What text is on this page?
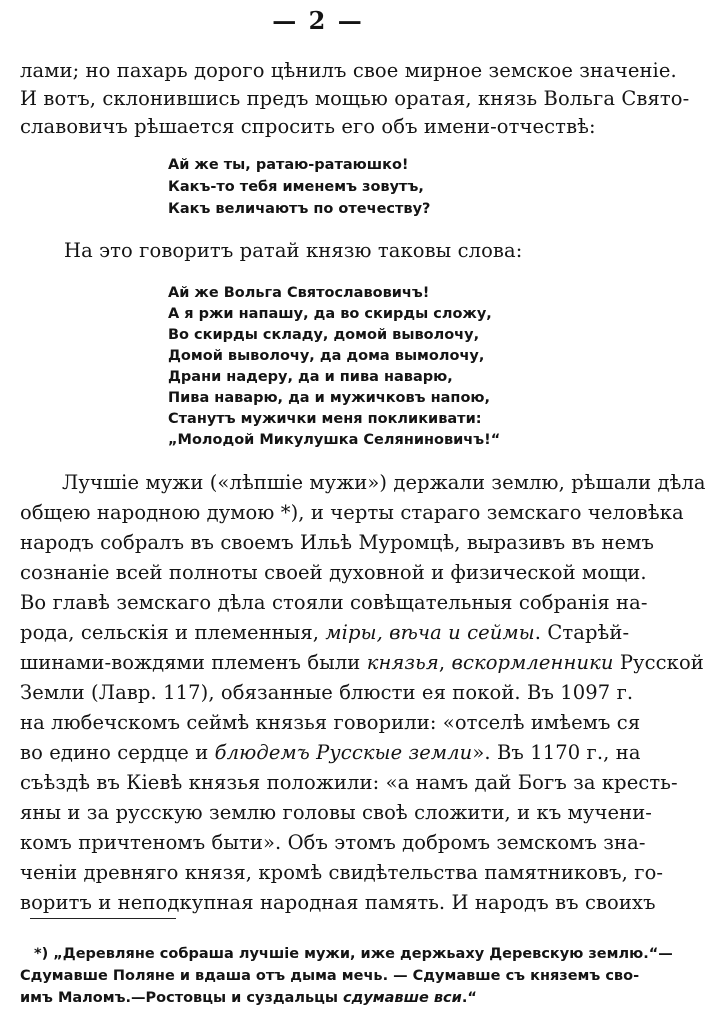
— 2 —
лами; но пахарь дорого цѣнилъ свое мирное земское значеніе.
И вотъ, склонившись предъ мощью оратая, князь Вольга Свято-
славовичъ рѣшается спросить его объ имени-отчествѣ:
Ай же ты, ратаю-ратаюшко!
Какъ-то тебя именемъ зовутъ,
Какъ величаютъ по отечеству?
На это говоритъ ратай князю таковы слова:
Ай же Вольга Святославовичъ!
А я ржи напашу, да во скирды сложу,
Во скирды складу, домой выволочу,
Домой выволочу, да дома вымолочу,
Драни надеру, да и пива наварю,
Пива наварю, да и мужичковъ напою,
Станутъ мужички меня покликивати:
„Молодой Микулушка Селяниновичъ!“
Лучшіе мужи («лѣпшіе мужи») держали землю, рѣшали дѣла
общею народною думою *), и черты стараго земскаго человѣка
народъ собралъ въ своемъ Ильѣ Муромцѣ, выразивъ въ немъ
сознаніе всей полноты своей духовной и физической мощи.
Во главѣ земскаго дѣла стояли совѣщательныя собранія на-
рода, сельскія и племенныя, міры, вѣча и сеймы. Старѣй-
шинами-вождями племенъ были князья, вскормленники Русской
Земли (Лавр. 117), обязанные блюсти ея покой. Въ 1097 г.
на любечскомъ сеймѣ князья говорили: «отселѣ имѣемъ ся
во едино сердце и блюдемъ Русскые земли». Въ 1170 г., на
съѣздѣ въ Кіевѣ князья положили: «а намъ дай Богъ за кресть-
яны и за русскую землю головы своѣ сложити, и къ мучени-
комъ причтеномъ быти». Объ этомъ добромъ земскомъ зна-
ченіи древняго князя, кромѣ свидѣтельства памятниковъ, го-
воритъ и неподкупная народная память. И народъ въ своихъ
*) „Деревляне собраша лучшіе мужи, иже держьаху Деревскую землю.“—
Сдумавше Поляне и вдаша отъ дыма мечь. — Сдумавше съ княземъ сво-
имъ Маломъ.—Ростовцы и суздальцы сдумавше вси.“
